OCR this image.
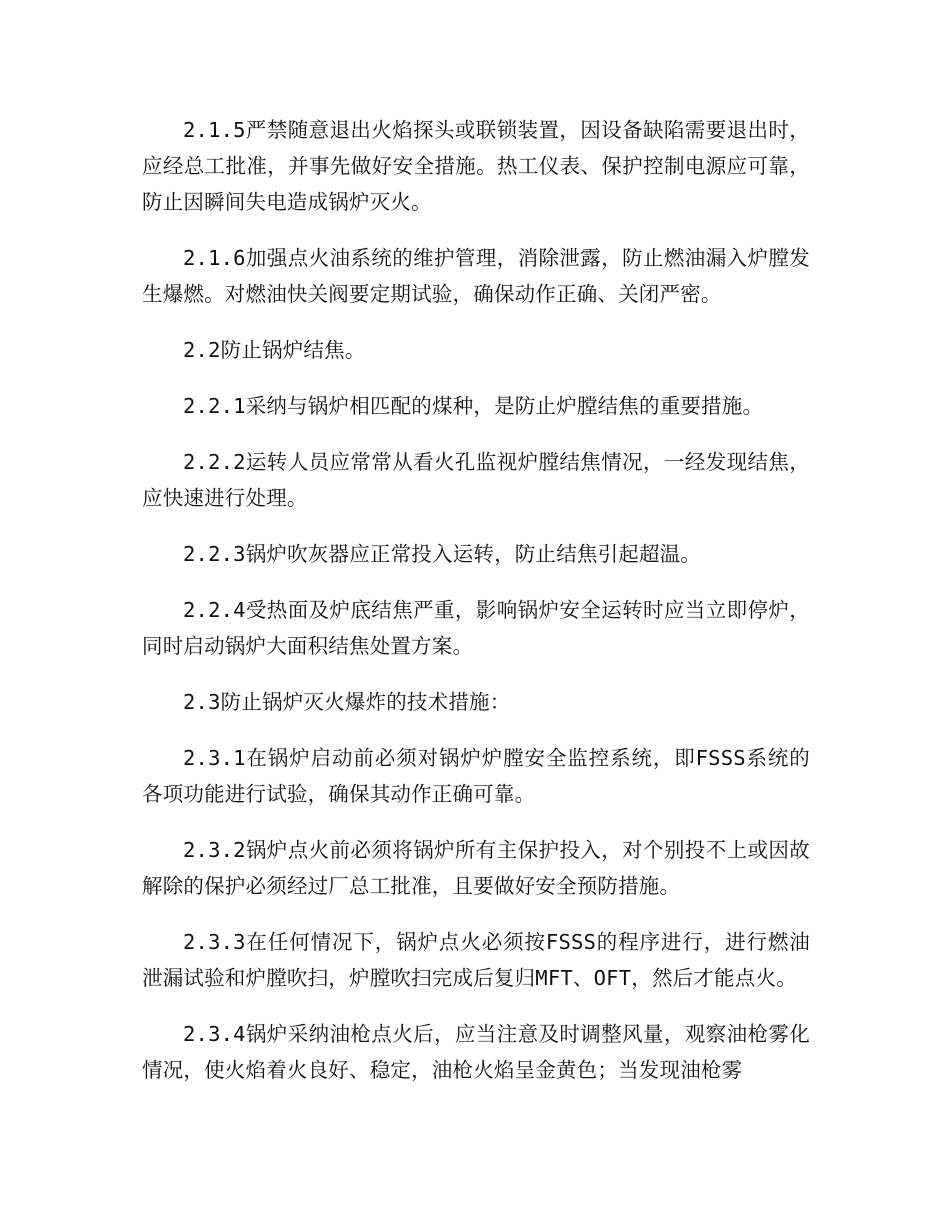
2.1.5严禁随意退出火焰探头或联锁装置，因设备缺陷需要退出时，应经总工批准，并事先做好安全措施。热工仪表、保护控制电源应可靠，防止因瞬间失电造成锅炉灭火。

2.1.6加强点火油系统的维护管理，消除泄露，防止燃油漏入炉膛发生爆燃。对燃油快关阀要定期试验，确保动作正确、关闭严密。

2.2防止锅炉结焦。

2.2.1采纳与锅炉相匹配的煤种，是防止炉膛结焦的重要措施。

2.2.2运转人员应常常从看火孔监视炉膛结焦情况，一经发现结焦，应快速进行处理。

2.2.3锅炉吹灰器应正常投入运转，防止结焦引起超温。

2.2.4受热面及炉底结焦严重，影响锅炉安全运转时应当立即停炉，同时启动锅炉大面积结焦处置方案。

2.3防止锅炉灭火爆炸的技术措施：

2.3.1在锅炉启动前必须对锅炉炉膛安全监控系统，即FSSS系统的各项功能进行试验，确保其动作正确可靠。

2.3.2锅炉点火前必须将锅炉所有主保护投入，对个别投不上或因故解除的保护必须经过厂总工批准，且要做好安全预防措施。

2.3.3在任何情况下，锅炉点火必须按FSSS的程序进行，进行燃油泄漏试验和炉膛吹扫，炉膛吹扫完成后复归MFT、OFT，然后才能点火。

2.3.4锅炉采纳油枪点火后，应当注意及时调整风量，观察油枪雾化情况，使火焰着火良好、稳定，油枪火焰呈金黄色；当发现油枪雾
